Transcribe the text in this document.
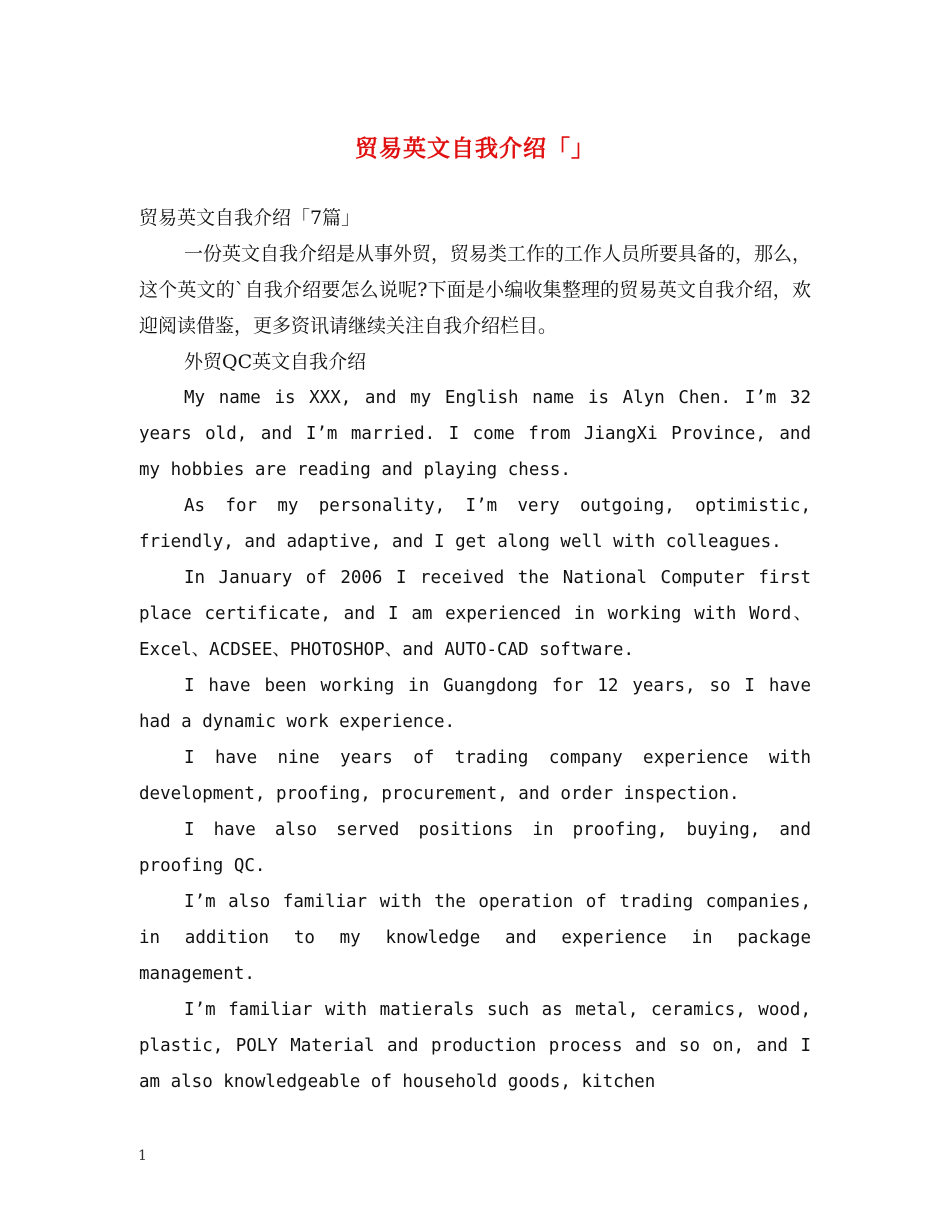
贸易英文自我介绍「」

贸易英文自我介绍「7篇」

一份英文自我介绍是从事外贸，贸易类工作的工作人员所要具备的，那么，这个英文的`自我介绍要怎么说呢?下面是小编收集整理的贸易英文自我介绍，欢迎阅读借鉴，更多资讯请继续关注自我介绍栏目。

外贸QC英文自我介绍

My name is XXX, and my English name is Alyn Chen. I’m 32 years old, and I’m married. I come from JiangXi Province, and my hobbies are reading and playing chess.

As for my personality, I’m very outgoing, optimistic, friendly, and adaptive, and I get along well with colleagues.

In January of 2006 I received the National Computer first place certificate, and I am experienced in working with Word、Excel、ACDSEE、PHOTOSHOP、and AUTO-CAD software.

I have been working in Guangdong for 12 years, so I have had a dynamic work experience.

I have nine years of trading company experience with development, proofing, procurement, and order inspection.

I have also served positions in proofing, buying, and proofing QC.

I’m also familiar with the operation of trading companies, in addition to my knowledge and experience in package management.

I’m familiar with matierals such as metal, ceramics, wood, plastic, POLY Material and production process and so on, and I am also knowledgeable of household goods, kitchen

1
